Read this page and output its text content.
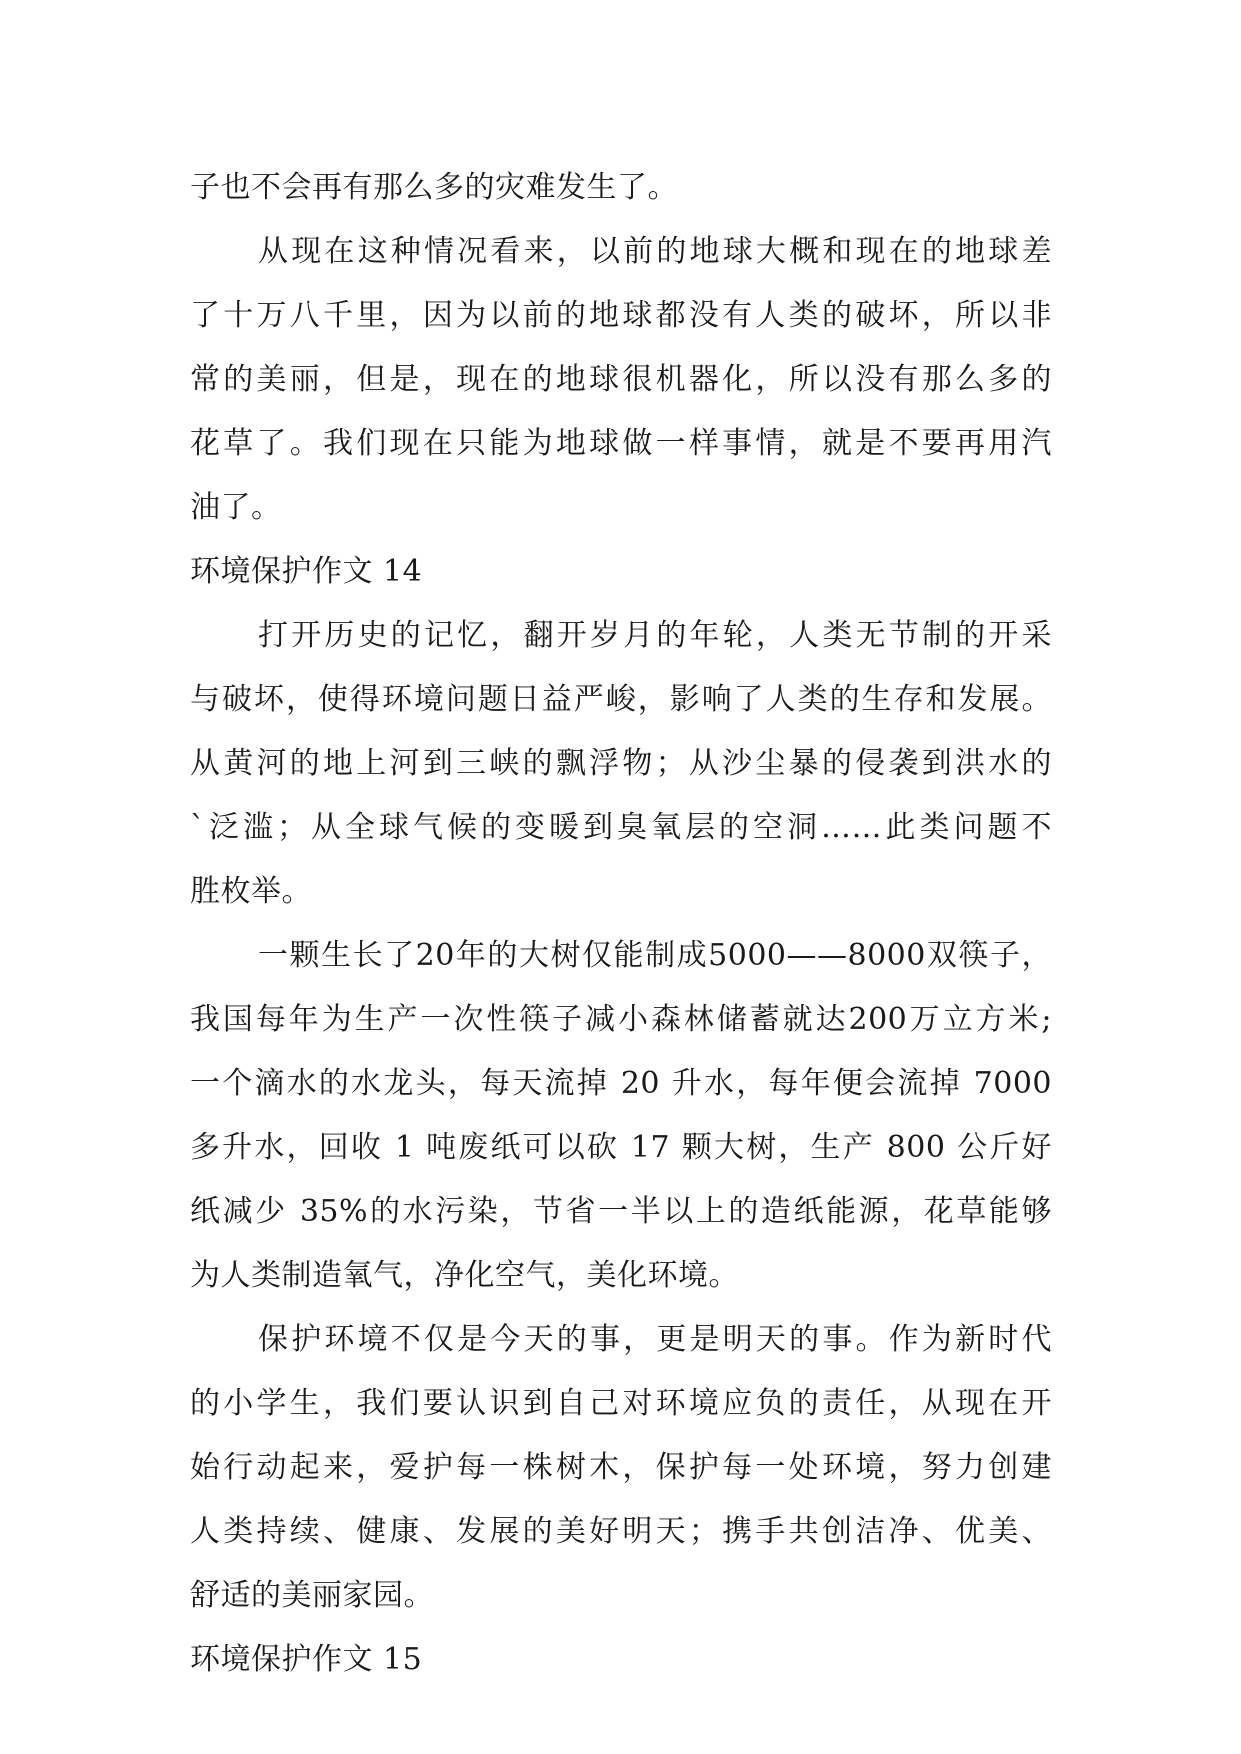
子也不会再有那么多的灾难发生了。
从现在这种情况看来，以前的地球大概和现在的地球差
了十万八千里，因为以前的地球都没有人类的破坏，所以非
常的美丽，但是，现在的地球很机器化，所以没有那么多的
花草了。我们现在只能为地球做一样事情，就是不要再用汽
油了。
环境保护作文 14
打开历史的记忆，翻开岁月的年轮，人类无节制的开采
与破坏，使得环境问题日益严峻，影响了人类的生存和发展。
从黄河的地上河到三峡的飘浮物；从沙尘暴的侵袭到洪水的
`泛滥；从全球气候的变暖到臭氧层的空洞……此类问题不
胜枚举。
一颗生长了20年的大树仅能制成5000——8000双筷子，
我国每年为生产一次性筷子减小森林储蓄就达200万立方米;
一个滴水的水龙头，每天流掉 20 升水，每年便会流掉 7000
多升水，回收 1 吨废纸可以砍 17 颗大树，生产 800 公斤好
纸减少 35%的水污染，节省一半以上的造纸能源，花草能够
为人类制造氧气，净化空气，美化环境。
保护环境不仅是今天的事，更是明天的事。作为新时代
的小学生，我们要认识到自己对环境应负的责任，从现在开
始行动起来，爱护每一株树木，保护每一处环境，努力创建
人类持续、健康、发展的美好明天；携手共创洁净、优美、
舒适的美丽家园。
环境保护作文 15
